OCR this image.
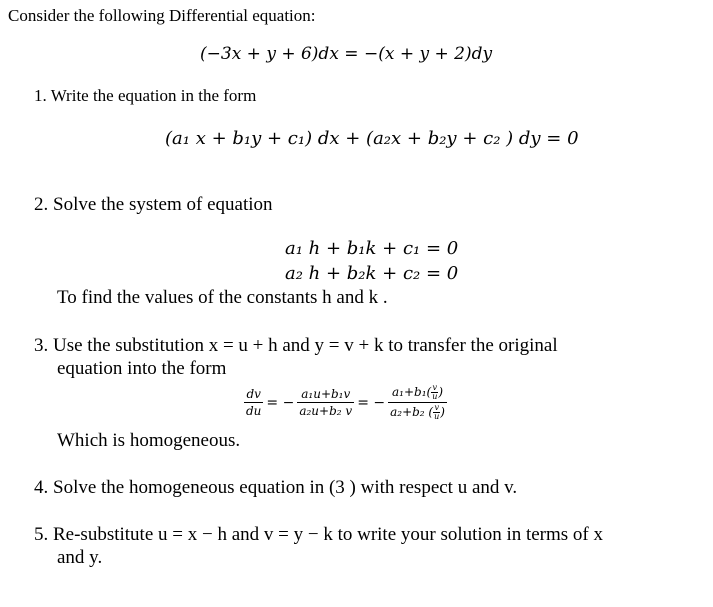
Consider the following Differential equation:
(−3x + y + 6)dx = −(x + y + 2)dy
1. Write the equation in the form
(a₁ x + b₁y + c₁) dx + (a₂x + b₂y + c₂ ) dy = 0
2. Solve the system of equation
a₁ h + b₁k + c₁ = 0
a₂ h + b₂k + c₂ = 0
To find the values of the constants h and k .
3. Use the substitution x = u + h and y = v + k to transfer the original
equation into the form
$\frac{dv}{du}$ = − $\frac{\text{a₁u+b₁v}}{\text{a₂u+b₂ v}}$ = − $\frac{a_1+b_1( \frac{v}{u} )}{a_2+b_2 ( \frac{v}{u} )}$
Which is homogeneous.
4. Solve the homogeneous equation in (3 ) with respect u and v.
5. Re-substitute u = x − h and v = y − k to write your solution in terms of x
and y.
